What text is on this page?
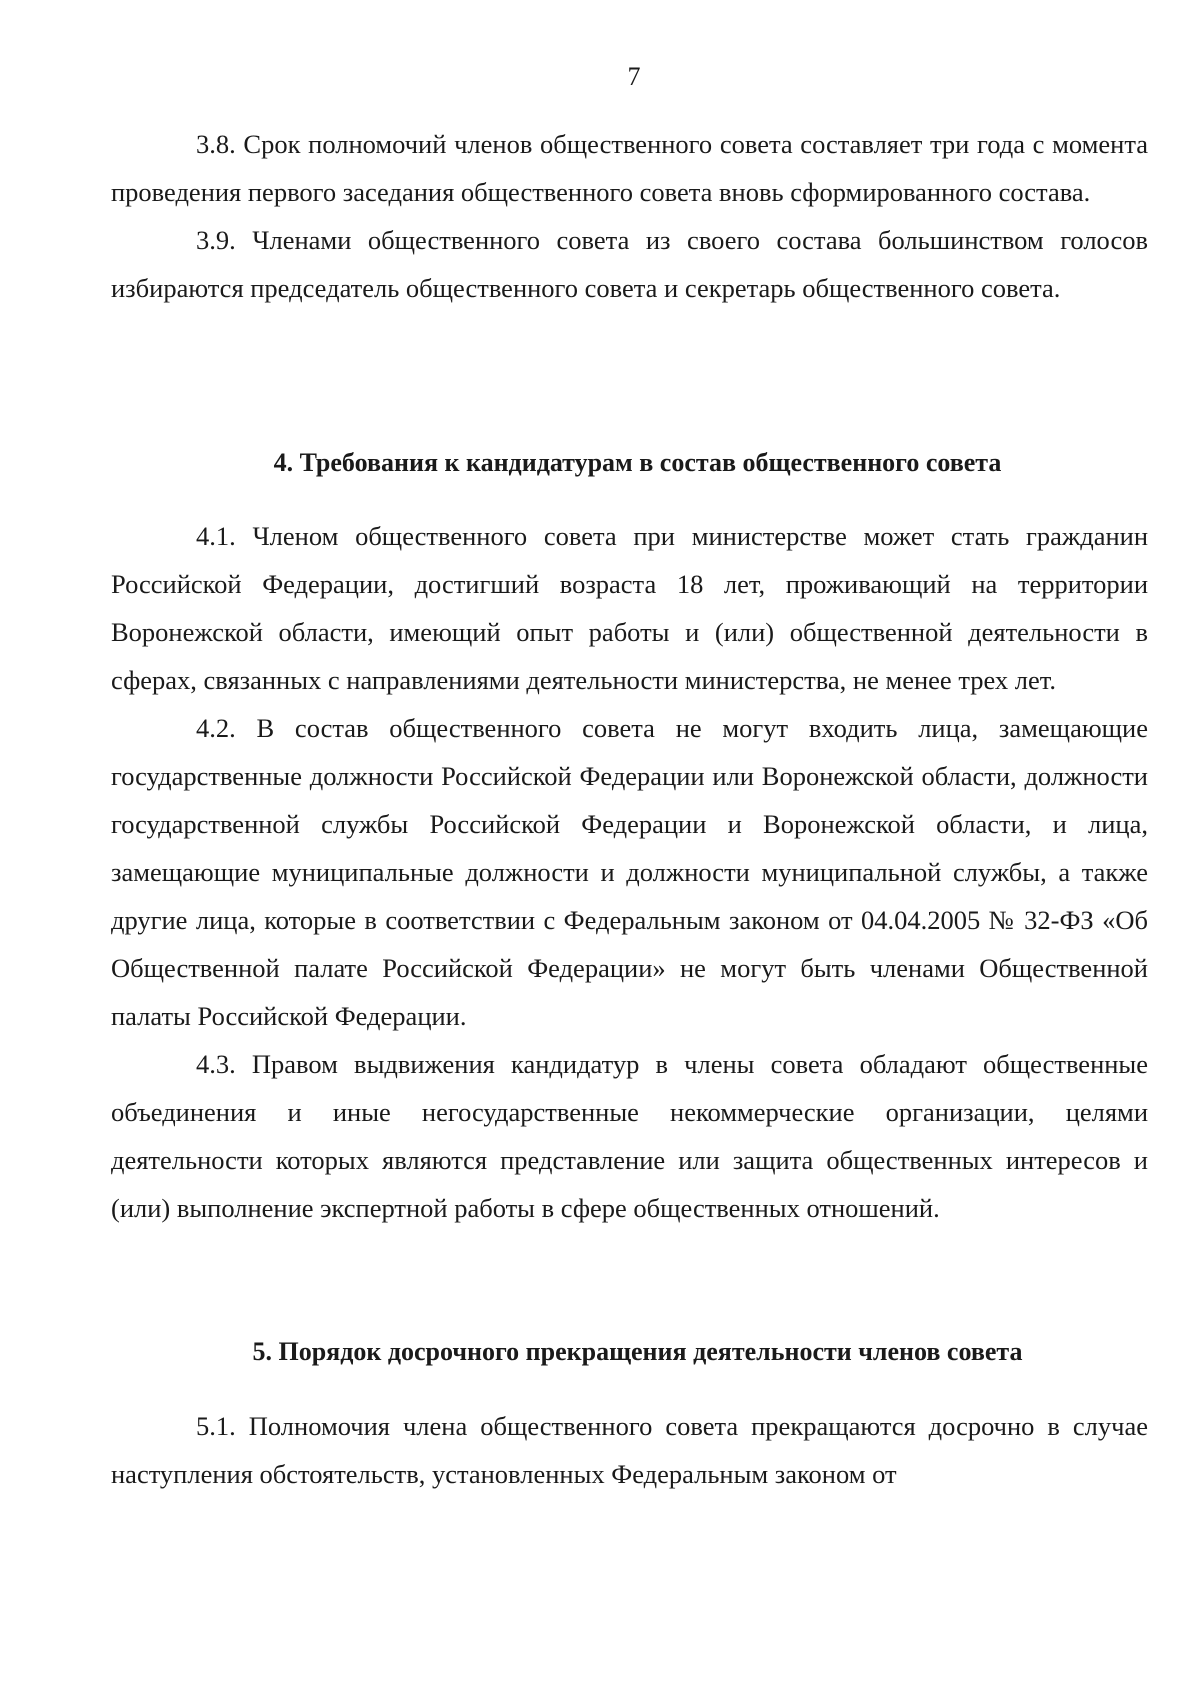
7

3.8. Срок полномочий членов общественного совета составляет три года с момента проведения первого заседания общественного совета вновь сформированного состава.

3.9. Членами общественного совета из своего состава большинством голосов избираются председатель общественного совета и секретарь общественного совета.

4. Требования к кандидатурам в состав общественного совета

4.1. Членом общественного совета при министерстве может стать гражданин Российской Федерации, достигший возраста 18 лет, проживающий на территории Воронежской области, имеющий опыт работы и (или) общественной деятельности в сферах, связанных с направлениями деятельности министерства, не менее трех лет.

4.2. В состав общественного совета не могут входить лица, замещающие государственные должности Российской Федерации или Воронежской области, должности государственной службы Российской Федерации и Воронежской области, и лица, замещающие муниципальные должности и должности муниципальной службы, а также другие лица, которые в соответствии с Федеральным законом от 04.04.2005 № 32-ФЗ «Об Общественной палате Российской Федерации» не могут быть членами Общественной палаты Российской Федерации.

4.3. Правом выдвижения кандидатур в члены совета обладают общественные объединения и иные негосударственные некоммерческие организации, целями деятельности которых являются представление или защита общественных интересов и (или) выполнение экспертной работы в сфере общественных отношений.

5. Порядок досрочного прекращения деятельности членов совета

5.1. Полномочия члена общественного совета прекращаются досрочно в случае наступления обстоятельств, установленных Федеральным законом от
